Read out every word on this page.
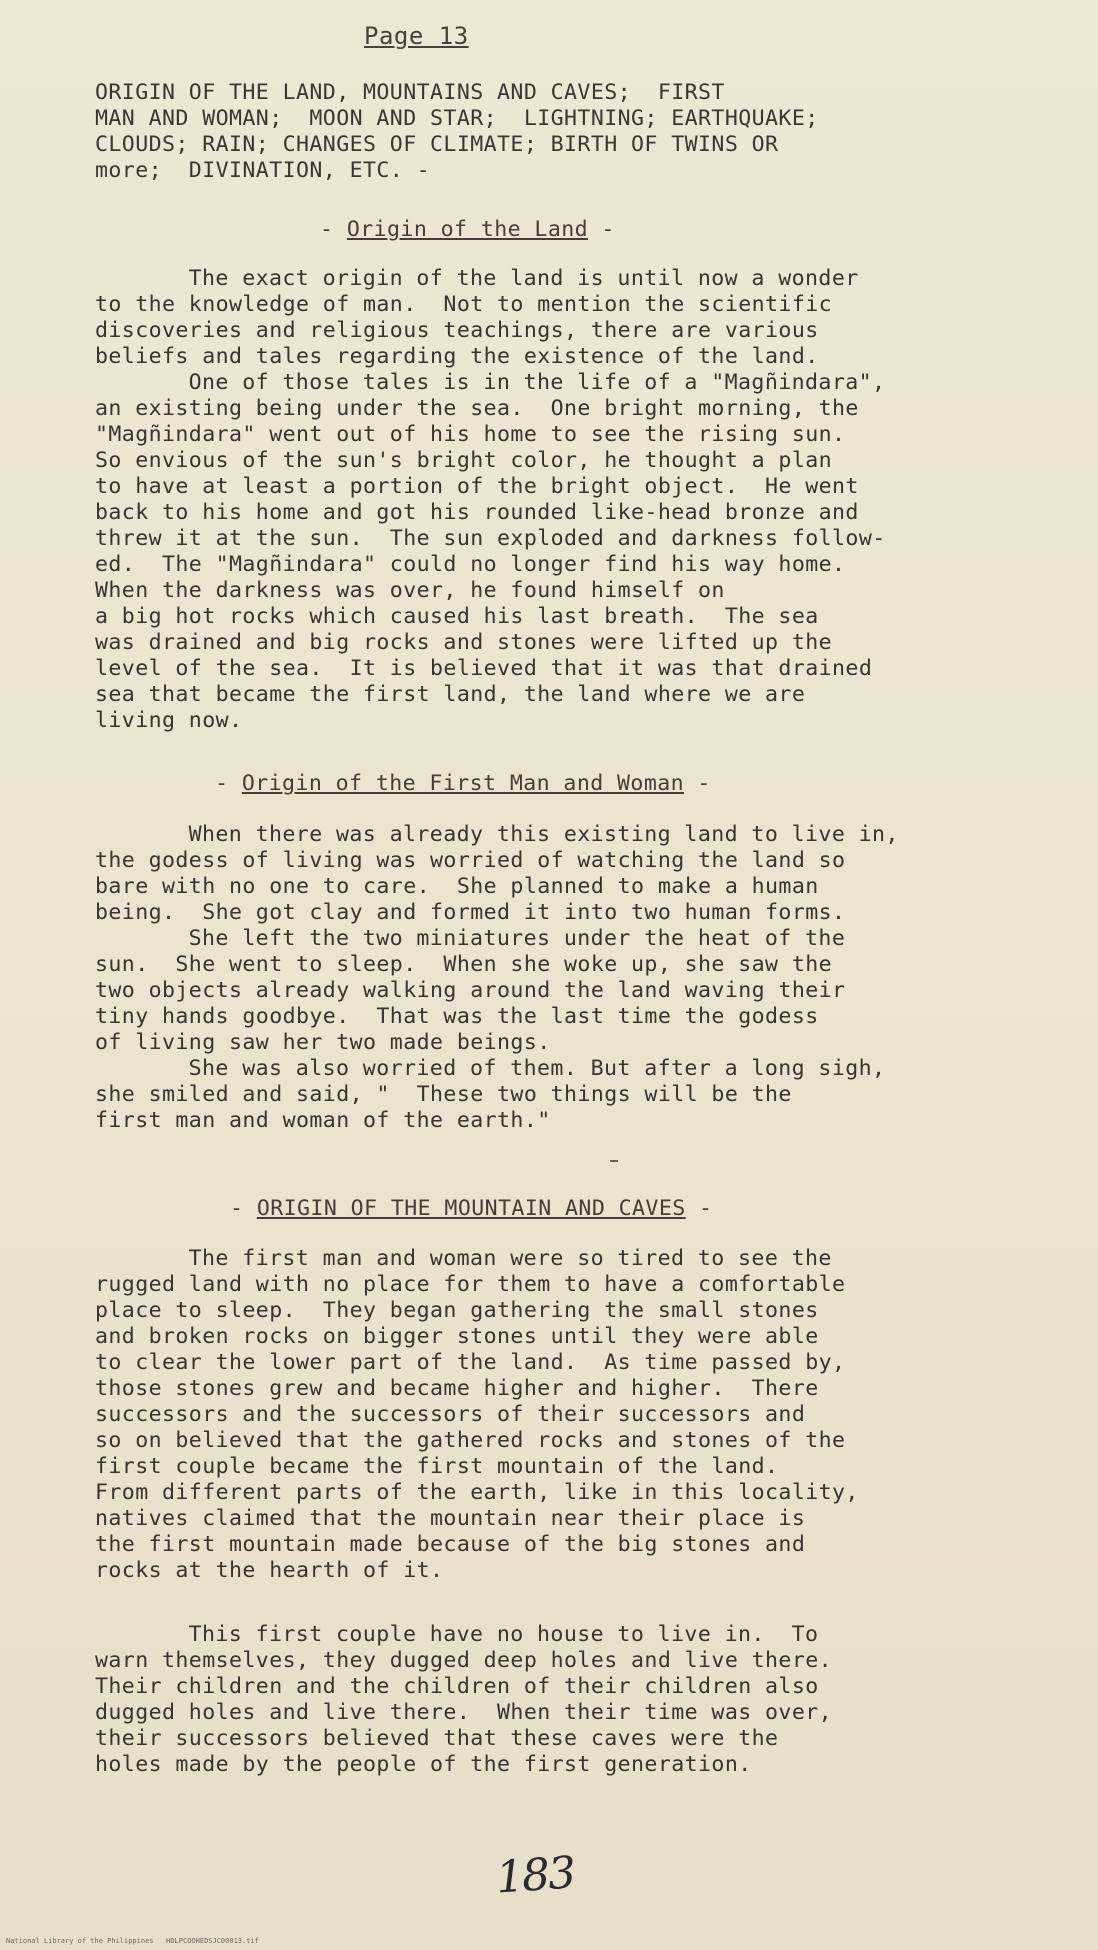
Page 13
ORIGIN OF THE LAND, MOUNTAINS AND CAVES;  FIRST
MAN AND WOMAN;  MOON AND STAR;  LIGHTNING; EARTHQUAKE;
CLOUDS; RAIN; CHANGES OF CLIMATE; BIRTH OF TWINS OR
more;  DIVINATION, ETC. -
- Origin of the Land -
The exact origin of the land is until now a wonder
to the knowledge of man.  Not to mention the scientific
discoveries and religious teachings, there are various
beliefs and tales regarding the existence of the land.
One of those tales is in the life of a "Magñindara",
an existing being under the sea.  One bright morning, the
"Magñindara" went out of his home to see the rising sun.
So envious of the sun's bright color, he thought a plan
to have at least a portion of the bright object.  He went
back to his home and got his rounded like-head bronze and
threw it at the sun.  The sun exploded and darkness follow-
ed.  The "Magñindara" could no longer find his way home.
When the darkness was over, he found himself on
a big hot rocks which caused his last breath.  The sea
was drained and big rocks and stones were lifted up the
level of the sea.  It is believed that it was that drained
sea that became the first land, the land where we are
living now.
- Origin of the First Man and Woman -
When there was already this existing land to live in,
the godess of living was worried of watching the land so
bare with no one to care.  She planned to make a human
being.  She got clay and formed it into two human forms.
She left the two miniatures under the heat of the
sun.  She went to sleep.  When she woke up, she saw the
two objects already walking around the land waving their
tiny hands goodbye.  That was the last time the godess
of living saw her two made beings.
She was also worried of them. But after a long sigh,
she smiled and said, "  These two things will be the
first man and woman of the earth."
- ORIGIN OF THE MOUNTAIN AND CAVES -
The first man and woman were so tired to see the
rugged land with no place for them to have a comfortable
place to sleep.  They began gathering the small stones
and broken rocks on bigger stones until they were able
to clear the lower part of the land.  As time passed by,
those stones grew and became higher and higher.  There
successors and the successors of their successors and
so on believed that the gathered rocks and stones of the
first couple became the first mountain of the land.
From different parts of the earth, like in this locality,
natives claimed that the mountain near their place is
the first mountain made because of the big stones and
rocks at the hearth of it.
This first couple have no house to live in.  To
warn themselves, they dugged deep holes and live there.
Their children and the children of their children also
dugged holes and live there.  When their time was over,
their successors believed that these caves were the
holes made by the people of the first generation.
183
National Library of the Philippines   HDLPCOOHEDSJC00013.tif
